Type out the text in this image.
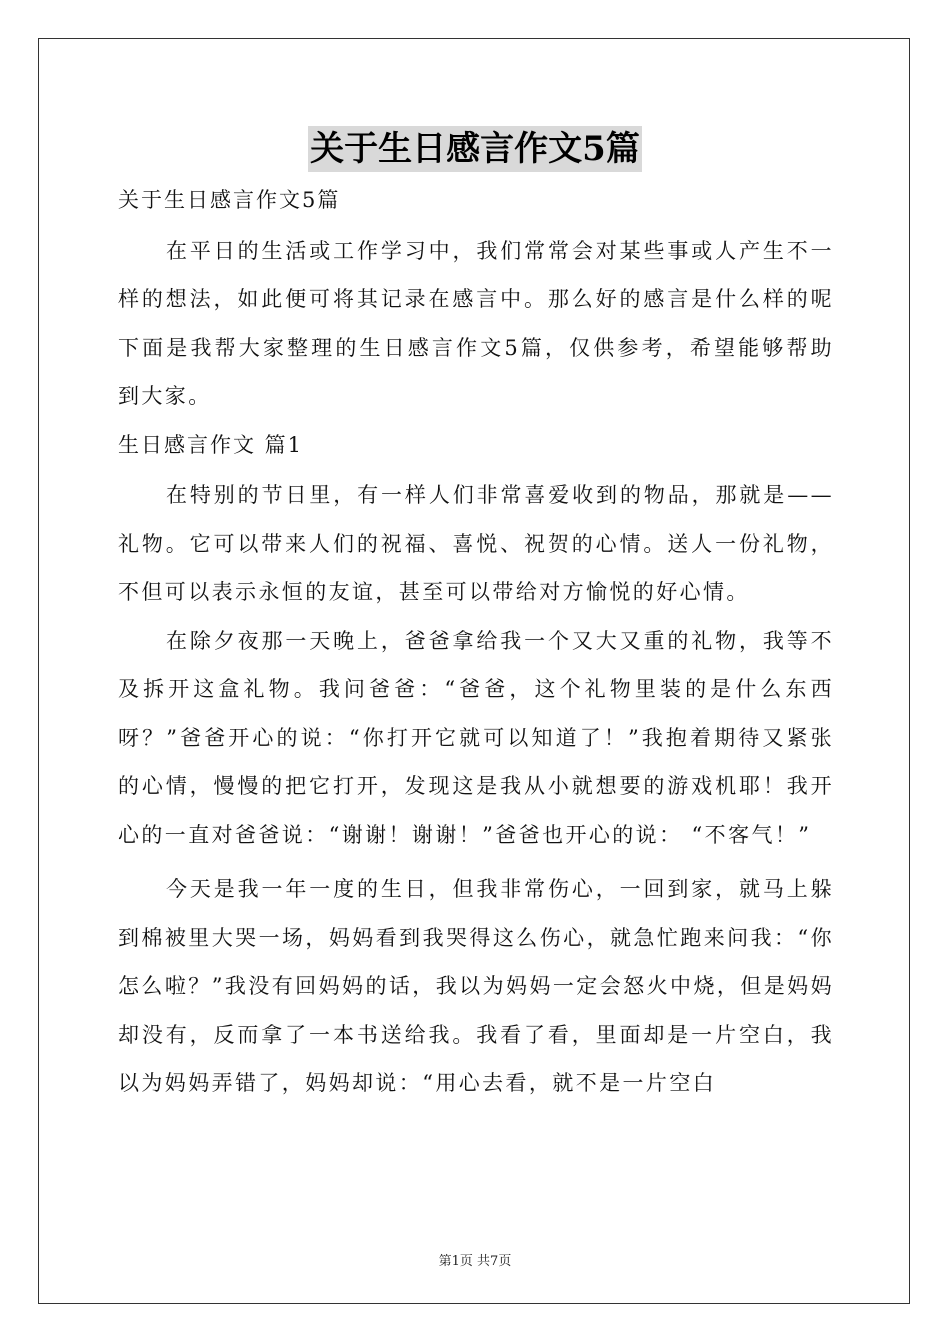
关于生日感言作文5篇

关于生日感言作文5篇

在平日的生活或工作学习中，我们常常会对某些事或人产生不一样的想法，如此便可将其记录在感言中。那么好的感言是什么样的呢下面是我帮大家整理的生日感言作文5篇，仅供参考，希望能够帮助到大家。

生日感言作文 篇1

在特别的节日里，有一样人们非常喜爱收到的物品，那就是——礼物。它可以带来人们的祝福、喜悦、祝贺的心情。送人一份礼物，不但可以表示永恒的友谊，甚至可以带给对方愉悦的好心情。

在除夕夜那一天晚上，爸爸拿给我一个又大又重的礼物，我等不及拆开这盒礼物。我问爸爸：“爸爸，这个礼物里装的是什么东西呀？”爸爸开心的说：“你打开它就可以知道了！”我抱着期待又紧张的心情，慢慢的把它打开，发现这是我从小就想要的游戏机耶！我开心的一直对爸爸说：“谢谢！谢谢！”爸爸也开心的说： “不客气！”

今天是我一年一度的生日，但我非常伤心，一回到家，就马上躲到棉被里大哭一场，妈妈看到我哭得这么伤心，就急忙跑来问我：“你怎么啦？”我没有回妈妈的话，我以为妈妈一定会怒火中烧，但是妈妈却没有，反而拿了一本书送给我。我看了看，里面却是一片空白，我以为妈妈弄错了，妈妈却说：“用心去看，就不是一片空白

第1页 共7页
